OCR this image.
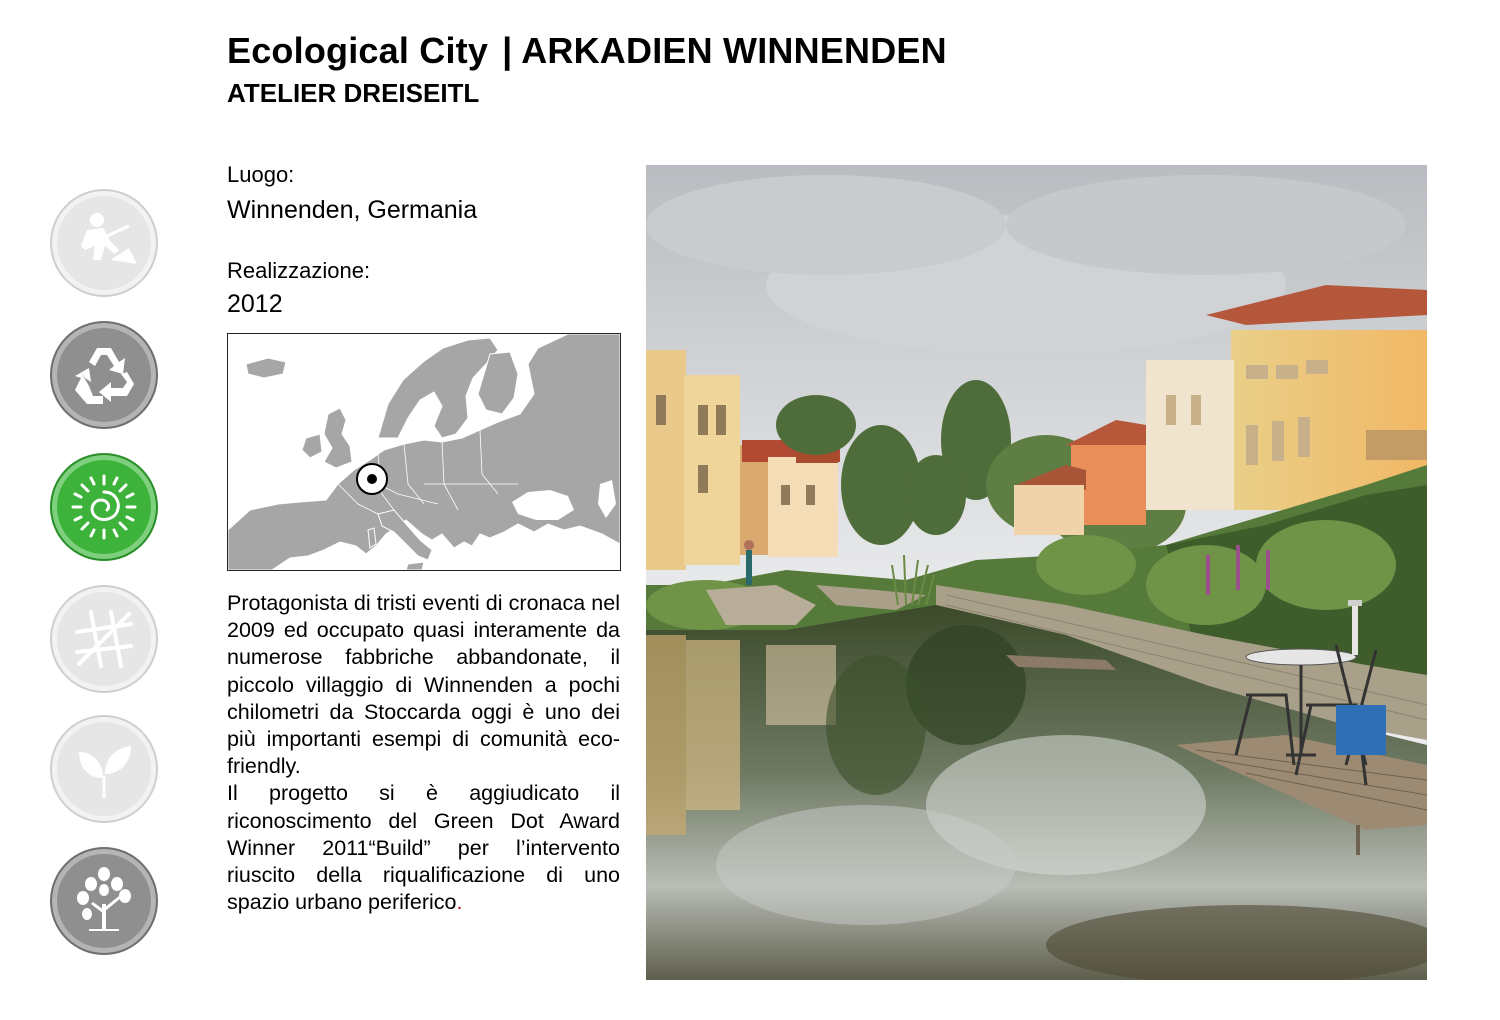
Ecological City | ARKADIEN WINNENDEN
ATELIER DREISEITL
Luogo:
Winnenden, Germania
Realizzazione:
2012

Protagonista di tristi eventi di cronaca nel 2009 ed occupato quasi interamente da numerose fabbriche abbandonate, il piccolo villaggio di Winnenden a pochi chilometri da Stoccarda oggi è uno dei più importanti esempi di comunità eco-friendly.

Il progetto si è aggiudicato il riconoscimento del Green Dot Award Winner 2011“Build” per l’intervento riuscito della riqualificazione di uno spazio urbano periferico.
